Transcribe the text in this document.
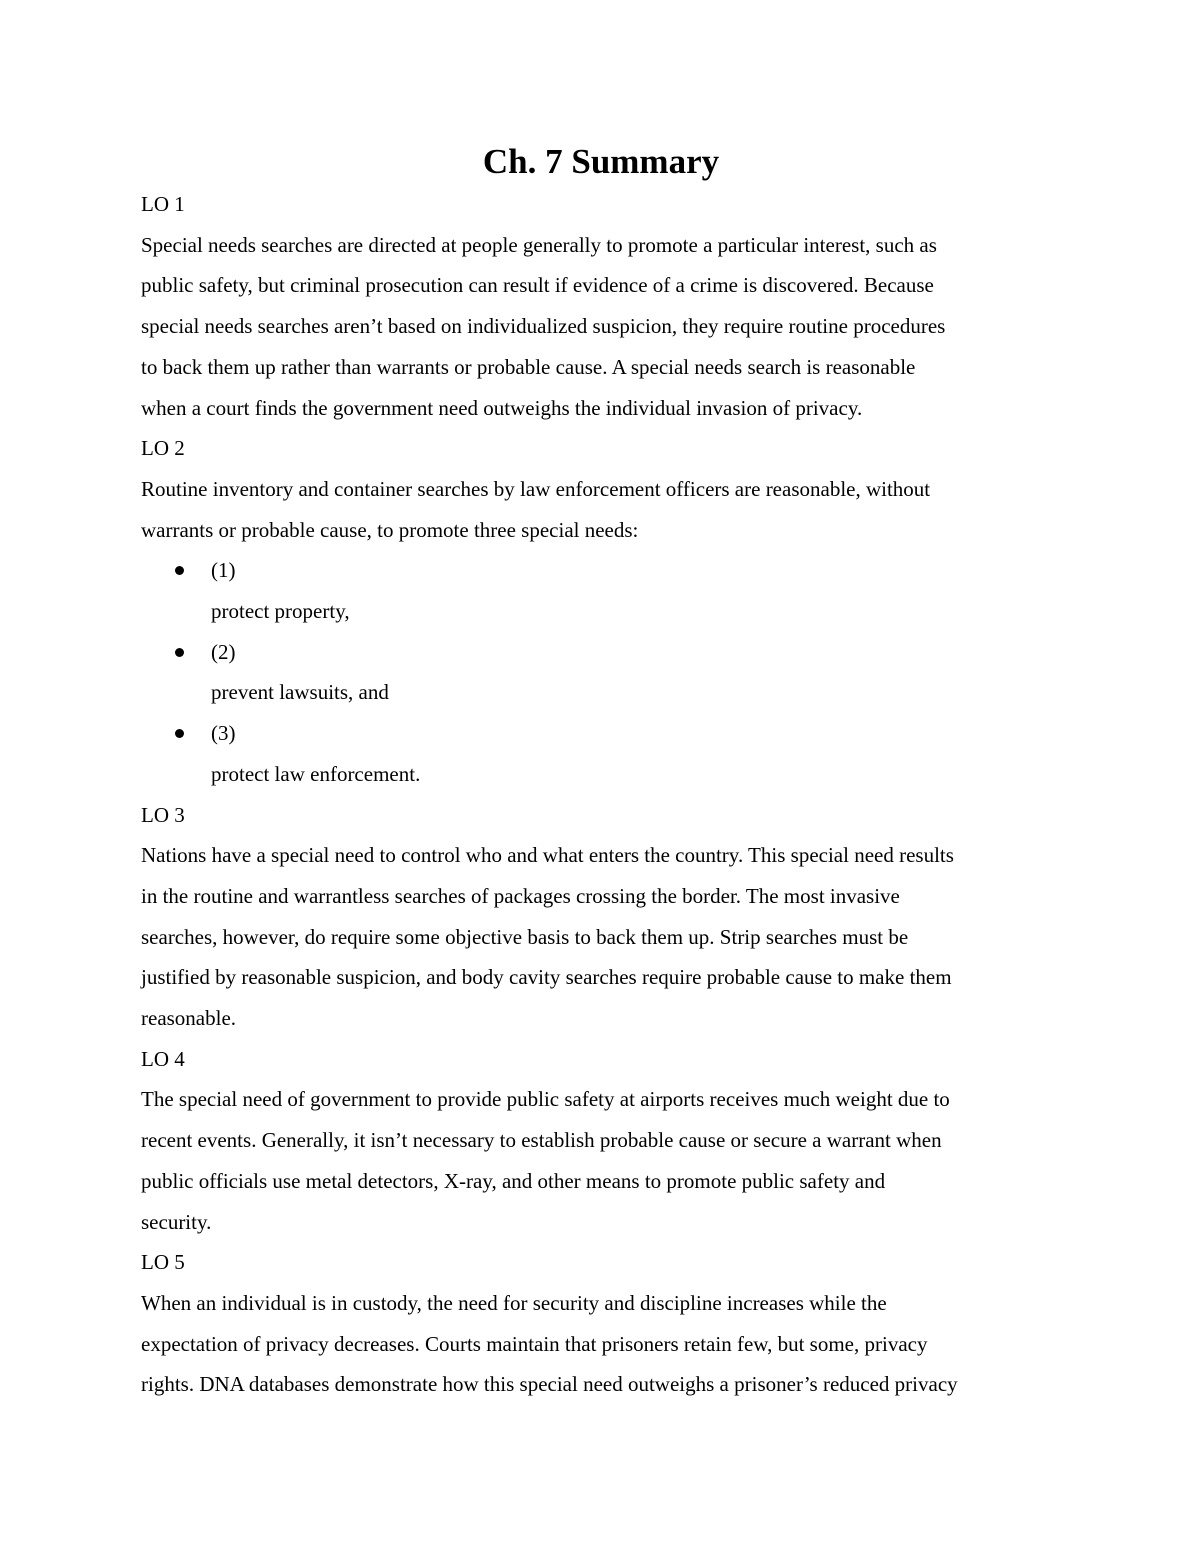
Ch. 7 Summary

LO 1

Special needs searches are directed at people generally to promote a particular interest, such as
public safety, but criminal prosecution can result if evidence of a crime is discovered. Because
special needs searches aren’t based on individualized suspicion, they require routine procedures
to back them up rather than warrants or probable cause. A special needs search is reasonable
when a court finds the government need outweighs the individual invasion of privacy.

LO 2

Routine inventory and container searches by law enforcement officers are reasonable, without
warrants or probable cause, to promote three special needs:

(1)
protect property,
(2)
prevent lawsuits, and
(3)
protect law enforcement.

LO 3

Nations have a special need to control who and what enters the country. This special need results
in the routine and warrantless searches of packages crossing the border. The most invasive
searches, however, do require some objective basis to back them up. Strip searches must be
justified by reasonable suspicion, and body cavity searches require probable cause to make them
reasonable.

LO 4

The special need of government to provide public safety at airports receives much weight due to
recent events. Generally, it isn’t necessary to establish probable cause or secure a warrant when
public officials use metal detectors, X-ray, and other means to promote public safety and
security.

LO 5

When an individual is in custody, the need for security and discipline increases while the
expectation of privacy decreases. Courts maintain that prisoners retain few, but some, privacy
rights. DNA databases demonstrate how this special need outweighs a prisoner’s reduced privacy
